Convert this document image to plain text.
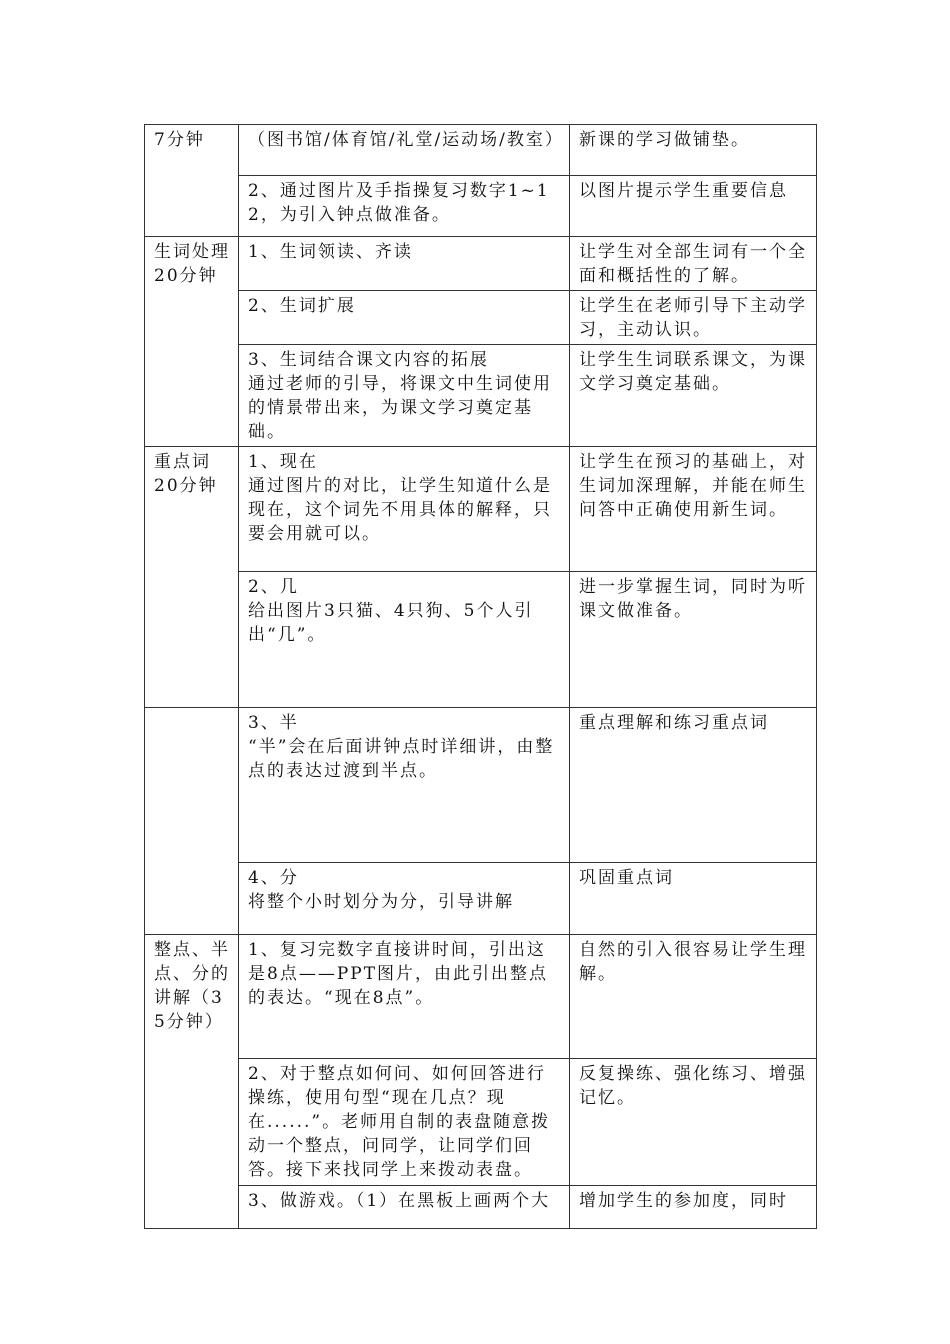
7分钟	（图书馆/体育馆/礼堂/运动场/教室）	新课的学习做铺垫。

	2、通过图片及手指操复习数字1~12，为引入钟点做准备。	以图片提示学生重要信息

生词处理
20分钟	1、生词领读、齐读	让学生对全部生词有一个全面和概括性的了解。

	2、生词扩展	让学生在老师引导下主动学习，主动认识。

	3、生词结合课文内容的拓展
通过老师的引导，将课文中生词使用的情景带出来，为课文学习奠定基础。	让学生生词联系课文，为课文学习奠定基础。

重点词
20分钟	1、现在
通过图片的对比，让学生知道什么是现在，这个词先不用具体的解释，只要会用就可以。	让学生在预习的基础上，对生词加深理解，并能在师生问答中正确使用新生词。

	2、几
给出图片3只猫、4只狗、5个人引出“几”。	进一步掌握生词，同时为听课文做准备。

	3、半
“半”会在后面讲钟点时详细讲，由整点的表达过渡到半点。	重点理解和练习重点词

	4、分
将整个小时划分为分，引导讲解	巩固重点词

整点、半点、分的讲解（35分钟）	1、复习完数字直接讲时间，引出这是8点——PPT图片，由此引出整点的表达。“现在8点”。	自然的引入很容易让学生理解。

	2、对于整点如何问、如何回答进行操练，使用句型“现在几点？现在......”。老师用自制的表盘随意拨动一个整点，问同学，让同学们回答。接下来找同学上来拨动表盘。	反复操练、强化练习、增强记忆。

	3、做游戏。（1）在黑板上画两个大	增加学生的参加度，同时
